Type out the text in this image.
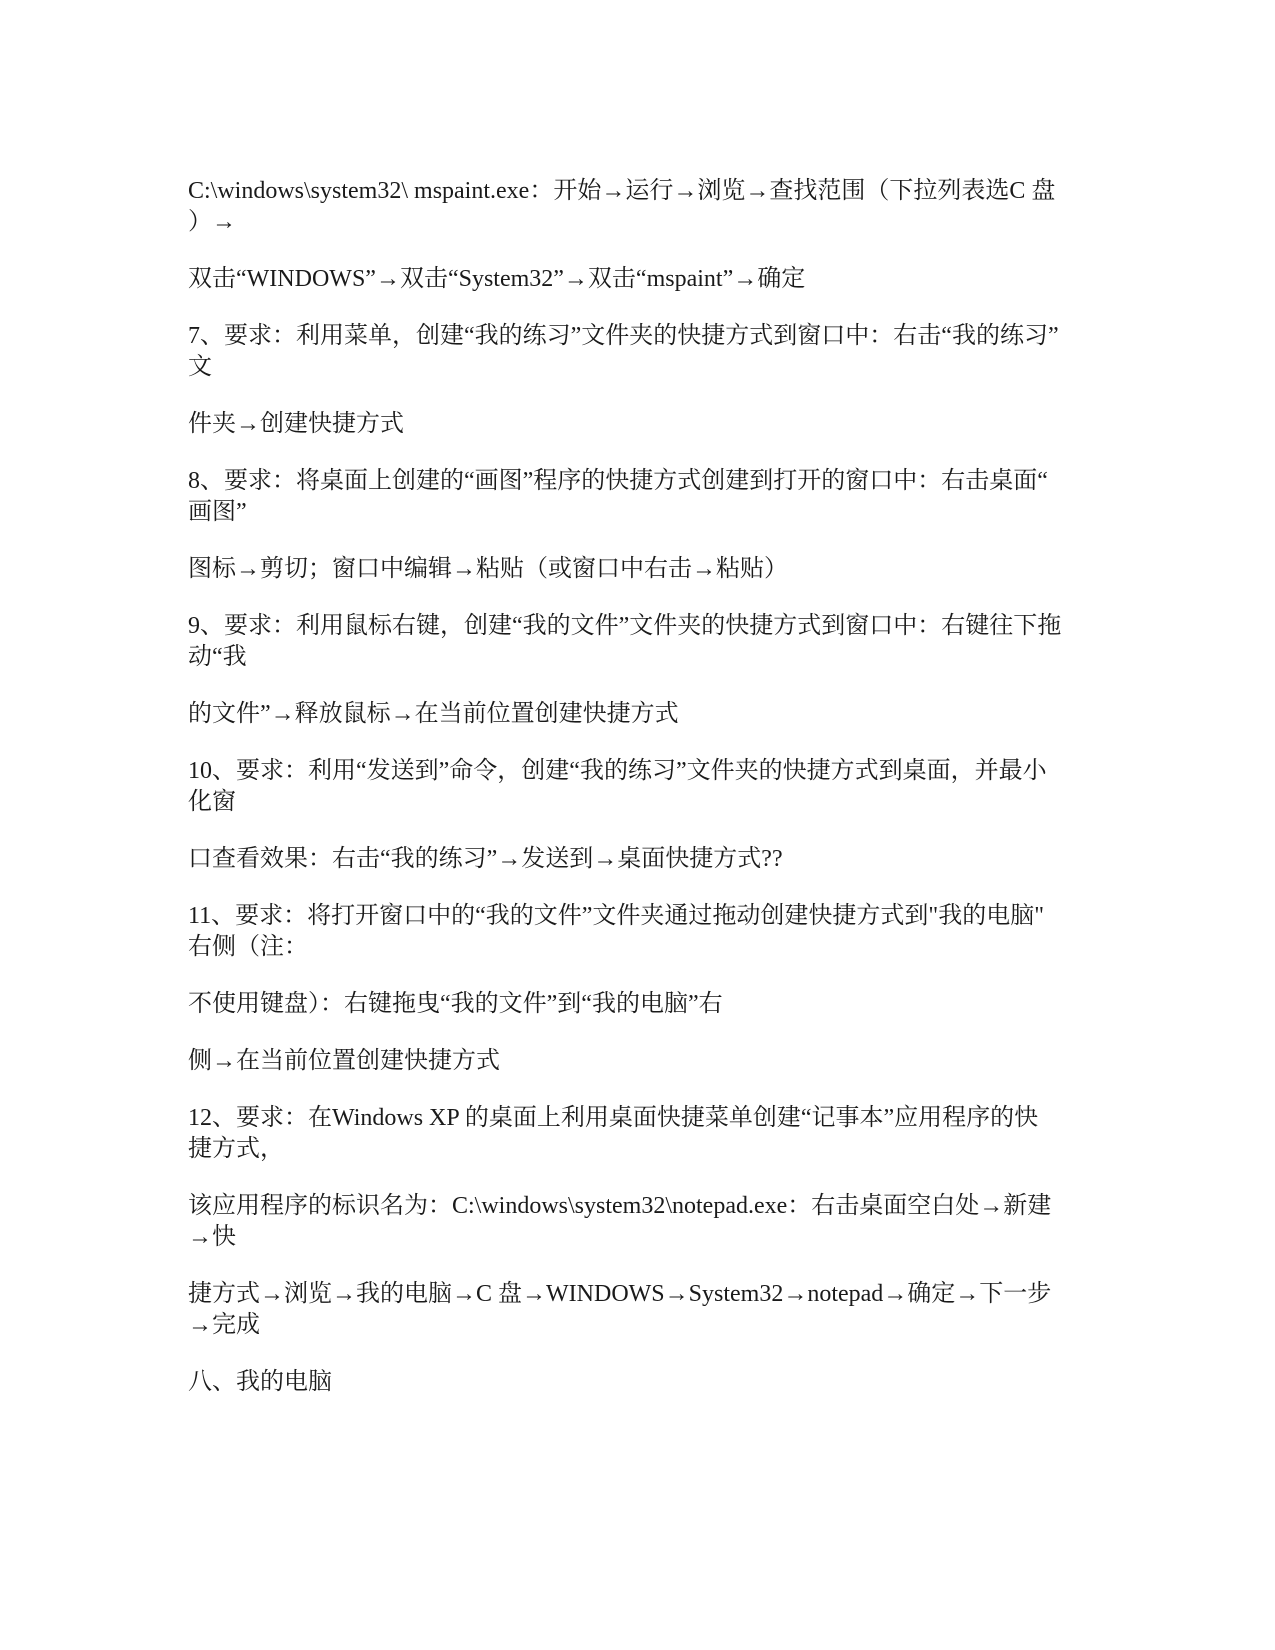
C:\windows\system32\ mspaint.exe：开始→运行→浏览→查找范围（下拉列表选C 盘
）→

双击“WINDOWS”→双击“System32”→双击“mspaint”→确定

7、要求：利用菜单，创建“我的练习”文件夹的快捷方式到窗口中：右击“我的练习”
文

件夹→创建快捷方式

8、要求：将桌面上创建的“画图”程序的快捷方式创建到打开的窗口中：右击桌面“
画图”

图标→剪切；窗口中编辑→粘贴（或窗口中右击→粘贴）

9、要求：利用鼠标右键，创建“我的文件”文件夹的快捷方式到窗口中：右键往下拖
动“我

的文件”→释放鼠标→在当前位置创建快捷方式

10、要求：利用“发送到”命令，创建“我的练习”文件夹的快捷方式到桌面，并最小
化窗

口查看效果：右击“我的练习”→发送到→桌面快捷方式??

11、要求：将打开窗口中的“我的文件”文件夹通过拖动创建快捷方式到"我的电脑"
右侧（注：

不使用键盘）：右键拖曳“我的文件”到“我的电脑”右

侧→在当前位置创建快捷方式

12、要求：在Windows XP 的桌面上利用桌面快捷菜单创建“记事本”应用程序的快
捷方式，

该应用程序的标识名为：C:\windows\system32\notepad.exe：右击桌面空白处→新建
→快

捷方式→浏览→我的电脑→C 盘→WINDOWS→System32→notepad→确定→下一步
→完成

八、我的电脑
